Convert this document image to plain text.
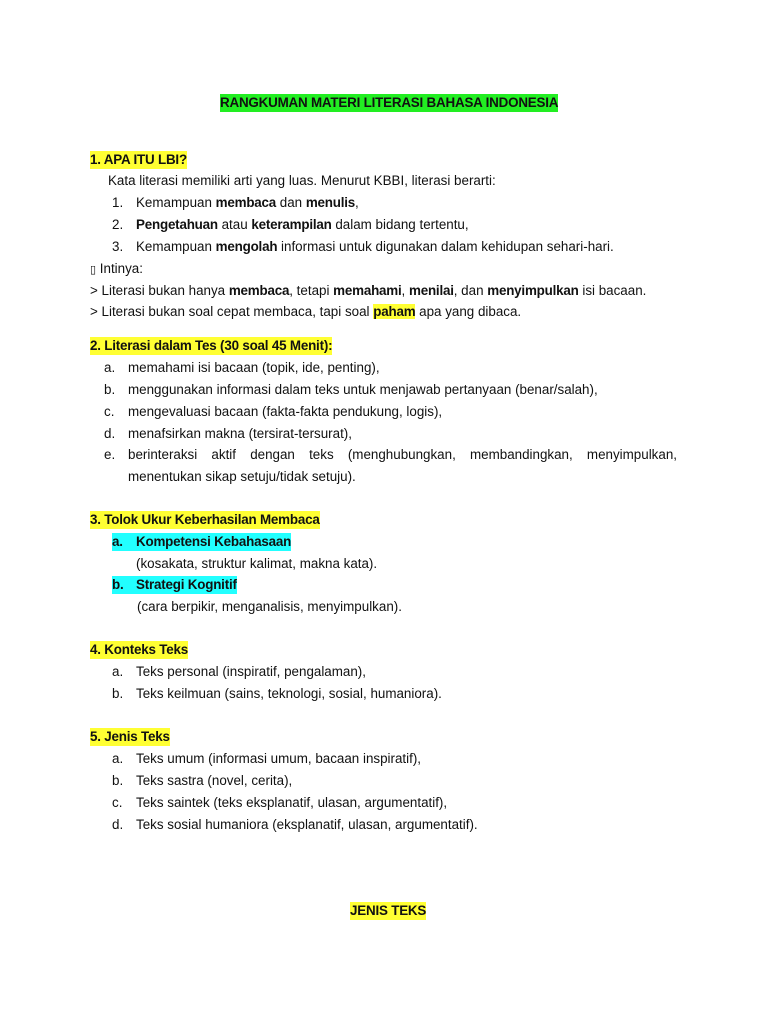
RANGKUMAN MATERI LITERASI BAHASA INDONESIA
1. APA ITU LBI?
Kata literasi memiliki arti yang luas. Menurut KBBI, literasi berarti:
1. Kemampuan membaca dan menulis,
2. Pengetahuan atau keterampilan dalam bidang tertentu,
3. Kemampuan mengolah informasi untuk digunakan dalam kehidupan sehari-hari.
▯ Intinya:
> Literasi bukan hanya membaca, tetapi memahami, menilai, dan menyimpulkan isi bacaan.
> Literasi bukan soal cepat membaca, tapi soal paham apa yang dibaca.
2. Literasi dalam Tes (30 soal 45 Menit):
a. memahami isi bacaan (topik, ide, penting),
b. menggunakan informasi dalam teks untuk menjawab pertanyaan (benar/salah),
c. mengevaluasi bacaan (fakta-fakta pendukung, logis),
d. menafsirkan makna (tersirat-tersurat),
e. berinteraksi aktif dengan teks (menghubungkan, membandingkan, menyimpulkan,
menentukan sikap setuju/tidak setuju).
3. Tolok Ukur Keberhasilan Membaca
a. Kompetensi Kebahasaan
(kosakata, struktur kalimat, makna kata).
b. Strategi Kognitif
(cara berpikir, menganalisis, menyimpulkan).
4. Konteks Teks
a. Teks personal (inspiratif, pengalaman),
b. Teks keilmuan (sains, teknologi, sosial, humaniora).
5. Jenis Teks
a. Teks umum (informasi umum, bacaan inspiratif),
b. Teks sastra (novel, cerita),
c. Teks saintek (teks eksplanatif, ulasan, argumentatif),
d. Teks sosial humaniora (eksplanatif, ulasan, argumentatif).
JENIS TEKS
